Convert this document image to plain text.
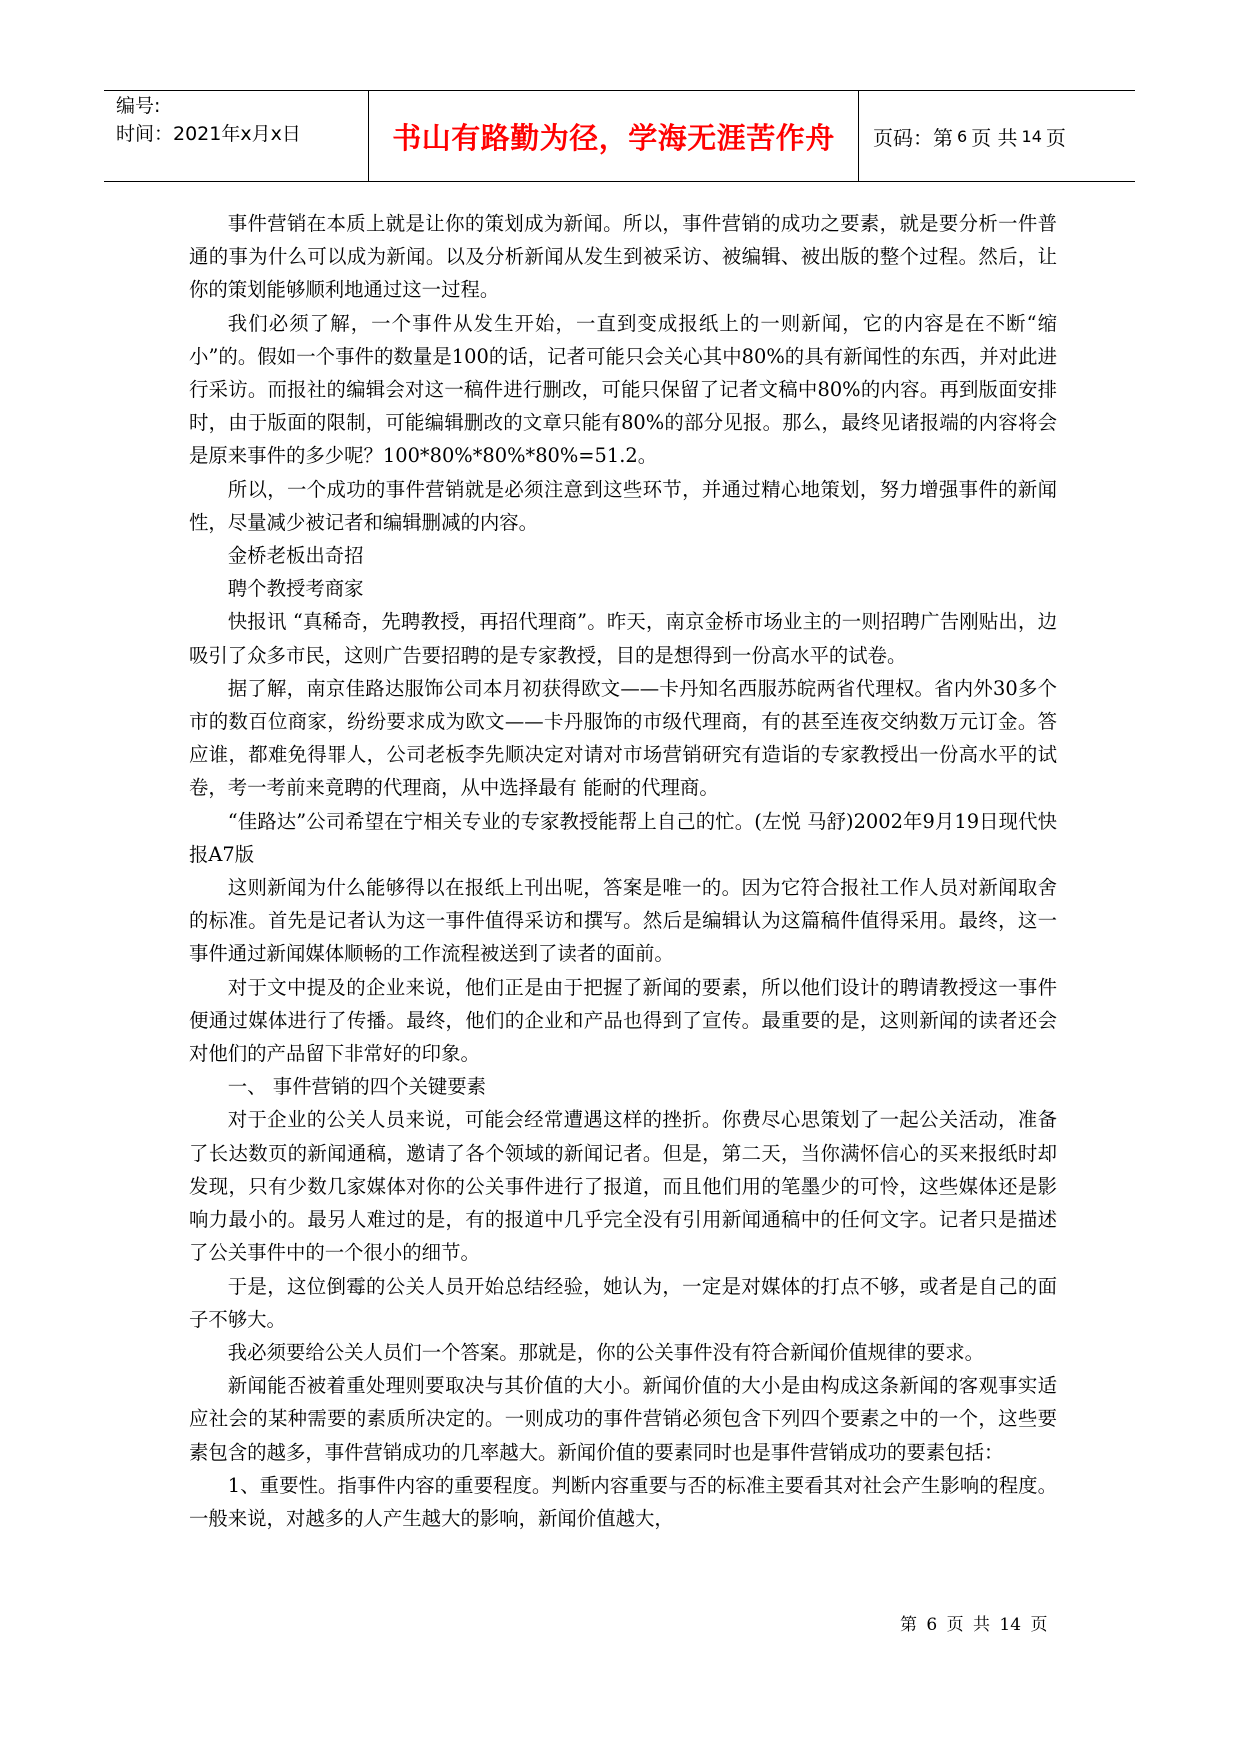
编号:
时间：2021年x月x日	书山有路勤为径，学海无涯苦作舟	页码：第 6 页 共 14 页

事件营销在本质上就是让你的策划成为新闻。所以，事件营销的成功之要素，就是要分析一件普通的事为什么可以成为新闻。以及分析新闻从发生到被采访、被编辑、被出版的整个过程。然后，让你的策划能够顺利地通过这一过程。

我们必须了解，一个事件从发生开始，一直到变成报纸上的一则新闻，它的内容是在不断“缩小”的。假如一个事件的数量是100的话，记者可能只会关心其中80%的具有新闻性的东西，并对此进行采访。而报社的编辑会对这一稿件进行删改，可能只保留了记者文稿中80%的内容。再到版面安排时，由于版面的限制，可能编辑删改的文章只能有80%的部分见报。那么，最终见诸报端的内容将会是原来事件的多少呢？100*80%*80%*80%=51.2。

所以，一个成功的事件营销就是必须注意到这些环节，并通过精心地策划，努力增强事件的新闻性，尽量减少被记者和编辑删减的内容。

金桥老板出奇招

聘个教授考商家

快报讯 “真稀奇，先聘教授，再招代理商”。昨天，南京金桥市场业主的一则招聘广告刚贴出，边吸引了众多市民，这则广告要招聘的是专家教授，目的是想得到一份高水平的试卷。

据了解，南京佳路达服饰公司本月初获得欧文——卡丹知名西服苏皖两省代理权。省内外30多个市的数百位商家，纷纷要求成为欧文——卡丹服饰的市级代理商，有的甚至连夜交纳数万元订金。答应谁，都难免得罪人，公司老板李先顺决定对请对市场营销研究有造诣的专家教授出一份高水平的试卷，考一考前来竟聘的代理商，从中选择最有 能耐的代理商。

“佳路达”公司希望在宁相关专业的专家教授能帮上自己的忙。(左悦 马舒)2002年9月19日现代快报A7版

这则新闻为什么能够得以在报纸上刊出呢，答案是唯一的。因为它符合报社工作人员对新闻取舍的标准。首先是记者认为这一事件值得采访和撰写。然后是编辑认为这篇稿件值得采用。最终，这一事件通过新闻媒体顺畅的工作流程被送到了读者的面前。

对于文中提及的企业来说，他们正是由于把握了新闻的要素，所以他们设计的聘请教授这一事件便通过媒体进行了传播。最终，他们的企业和产品也得到了宣传。最重要的是，这则新闻的读者还会对他们的产品留下非常好的印象。

一、 事件营销的四个关键要素

对于企业的公关人员来说，可能会经常遭遇这样的挫折。你费尽心思策划了一起公关活动，准备了长达数页的新闻通稿，邀请了各个领域的新闻记者。但是，第二天，当你满怀信心的买来报纸时却发现，只有少数几家媒体对你的公关事件进行了报道，而且他们用的笔墨少的可怜，这些媒体还是影响力最小的。最另人难过的是，有的报道中几乎完全没有引用新闻通稿中的任何文字。记者只是描述了公关事件中的一个很小的细节。

于是，这位倒霉的公关人员开始总结经验，她认为，一定是对媒体的打点不够，或者是自己的面子不够大。

我必须要给公关人员们一个答案。那就是，你的公关事件没有符合新闻价值规律的要求。

新闻能否被着重处理则要取决与其价值的大小。新闻价值的大小是由构成这条新闻的客观事实适应社会的某种需要的素质所决定的。一则成功的事件营销必须包含下列四个要素之中的一个，这些要素包含的越多，事件营销成功的几率越大。新闻价值的要素同时也是事件营销成功的要素包括：

1、重要性。指事件内容的重要程度。判断内容重要与否的标准主要看其对社会产生影响的程度。一般来说，对越多的人产生越大的影响，新闻价值越大，

第 6 页 共 14 页
